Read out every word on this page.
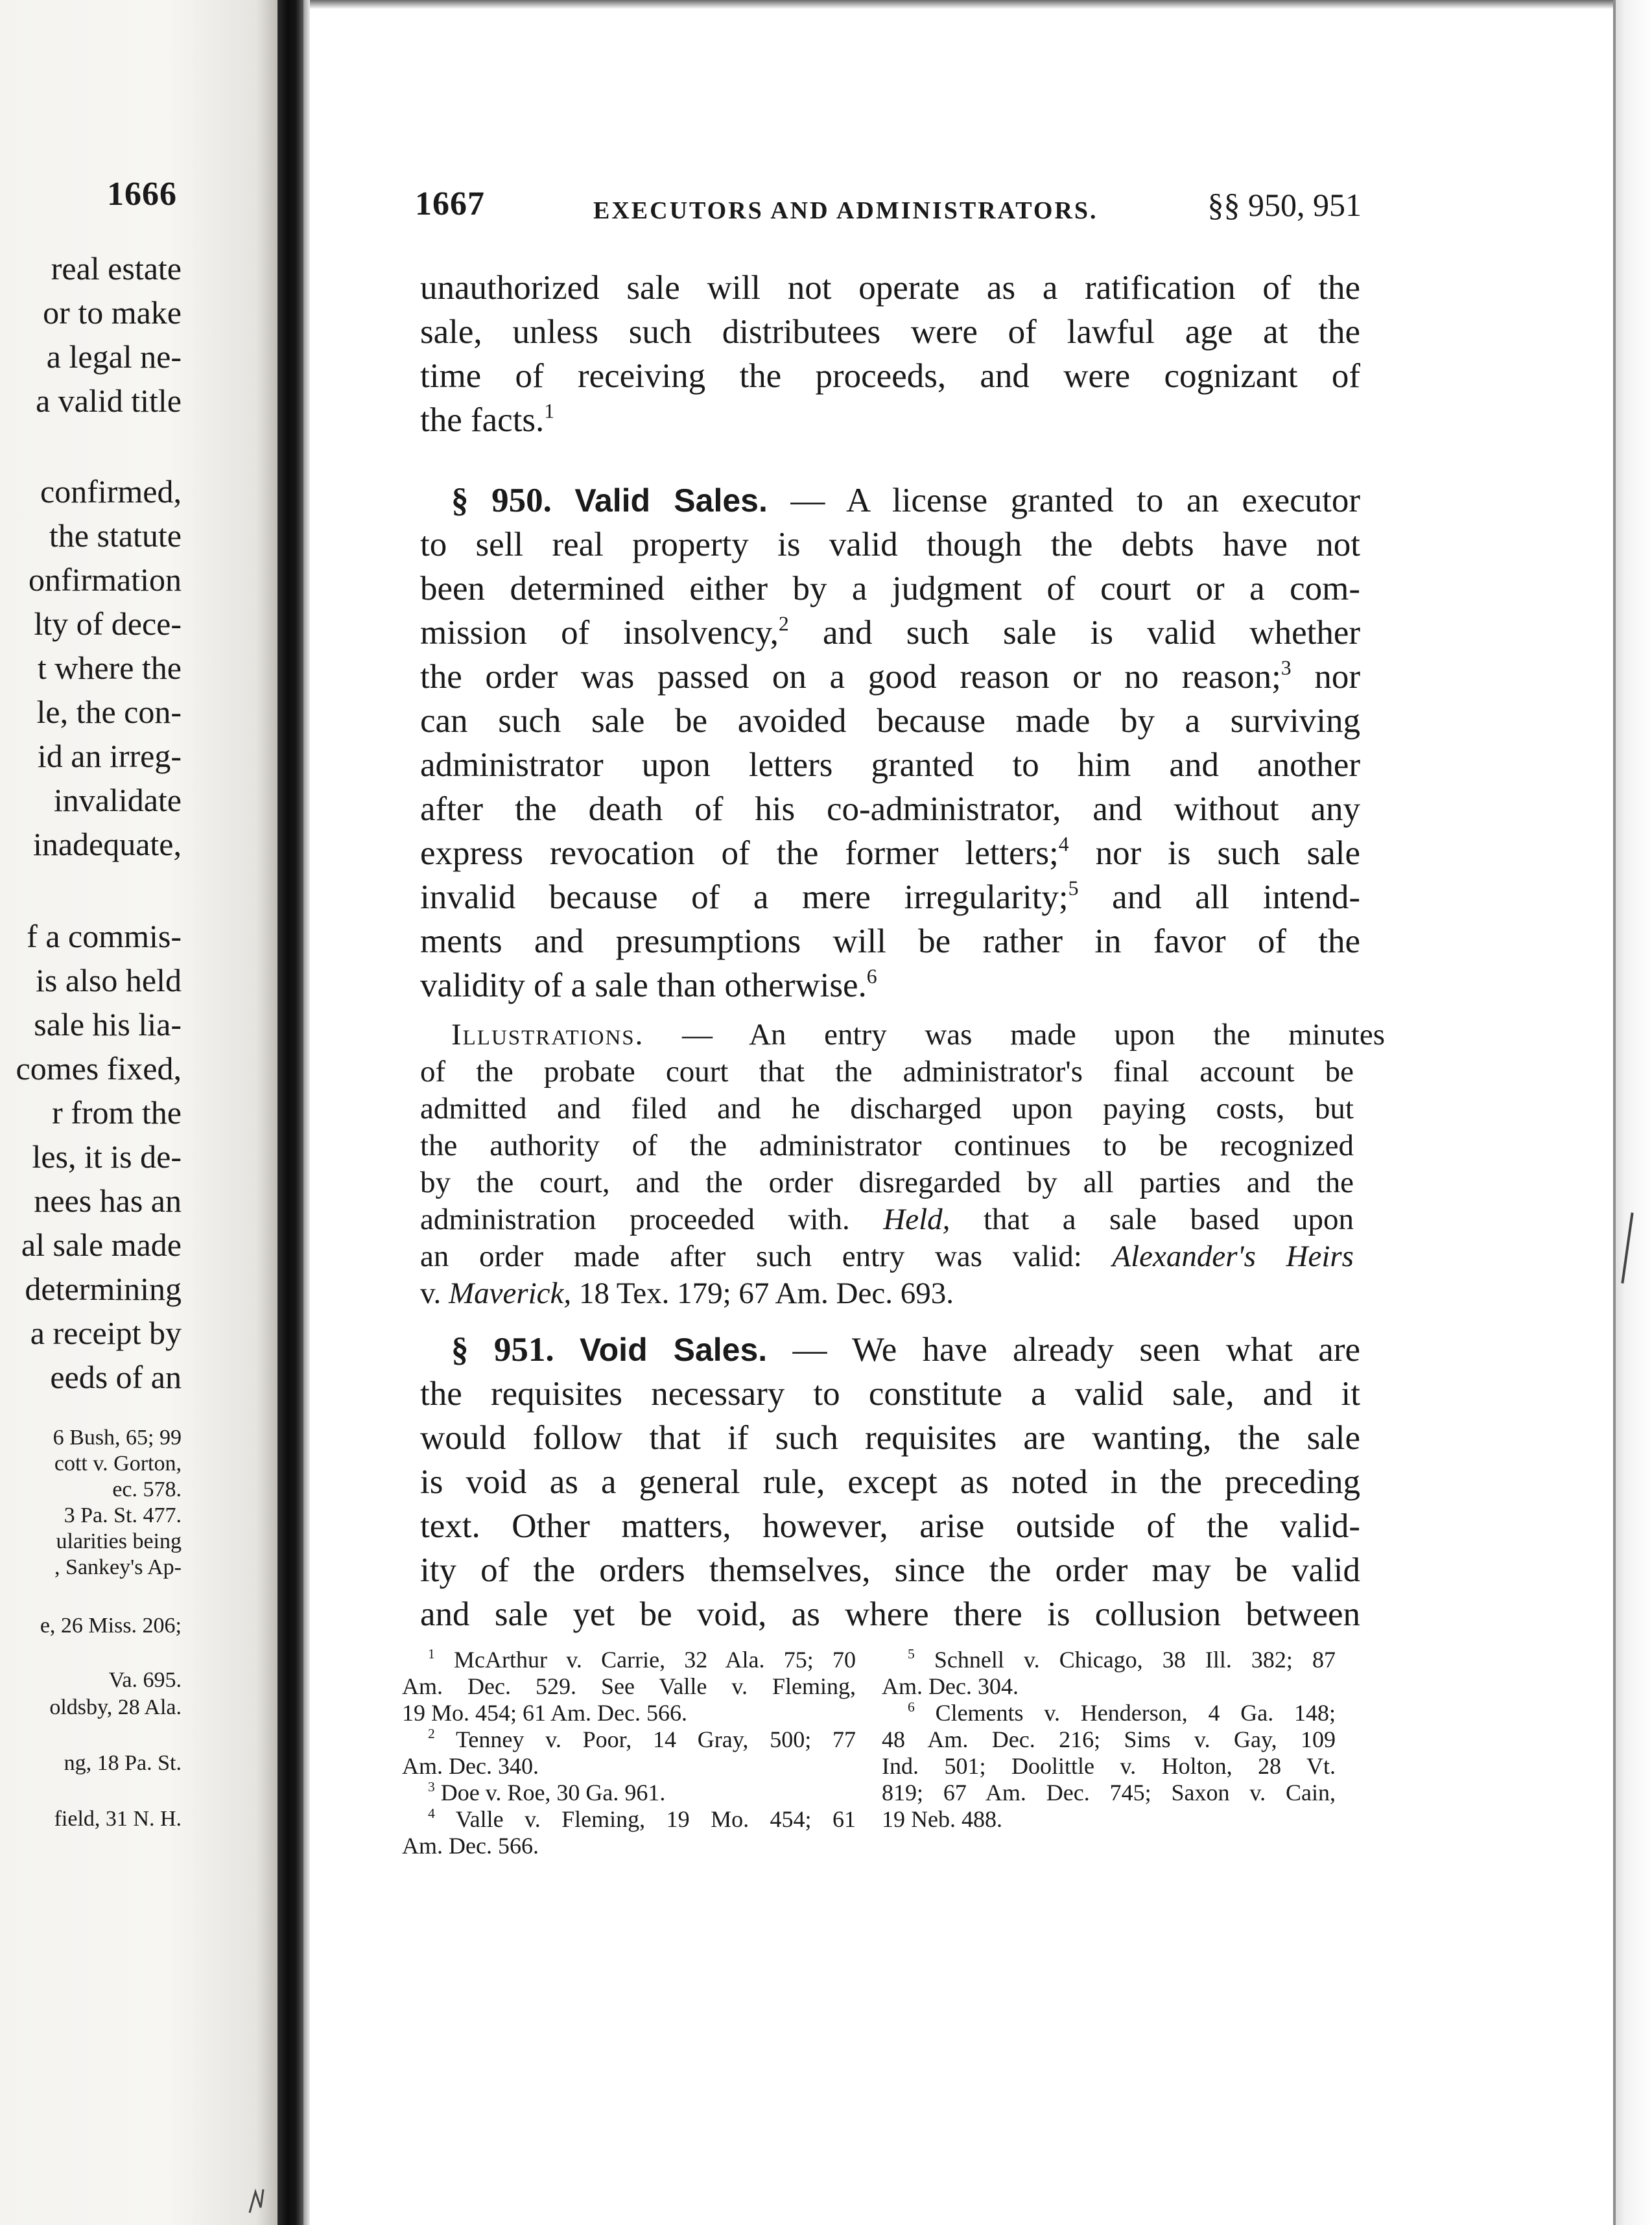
1666
real estate
or to make
a legal ne-
a valid title
confirmed,
the statute
onfirmation
lty of dece-
t where the
le, the con-
id an irreg-
invalidate
inadequate,
f a commis-
is also held
sale his lia-
comes fixed,
r from the
les, it is de-
nees has an
al sale made
determining
a receipt by
eeds of an
6 Bush, 65; 99
cott v. Gorton,
ec. 578.
3 Pa. St. 477.
ularities being
, Sankey's Ap-
e, 26 Miss. 206;
Va. 695.
oldsby, 28 Ala.
ng, 18 Pa. St.
field, 31 N. H.
1667	EXECUTORS AND ADMINISTRATORS.	§§ 950, 951
unauthorized sale will not operate as a ratification of the
sale, unless such distributees were of lawful age at the
time of receiving the proceeds, and were cognizant of
the facts.$^1$
§ 950. Valid Sales. — A license granted to an executor
to sell real property is valid though the debts have not
been determined either by a judgment of court or a com-
mission of insolvency,$^2$ and such sale is valid whether
the order was passed on a good reason or no reason;$^3$ nor
can such sale be avoided because made by a surviving
administrator upon letters granted to him and another
after the death of his co-administrator, and without any
express revocation of the former letters;$^4$ nor is such sale
invalid because of a mere irregularity;$^5$ and all intend-
ments and presumptions will be rather in favor of the
validity of a sale than otherwise.$^6$
Illustrations. — An entry was made upon the minutes
of the probate court that the administrator's final account be
admitted and filed and he discharged upon paying costs, but
the authority of the administrator continues to be recognized
by the court, and the order disregarded by all parties and the
administration proceeded with. Held, that a sale based upon
an order made after such entry was valid: Alexander's Heirs
v. Maverick, 18 Tex. 179; 67 Am. Dec. 693.
§ 951. Void Sales. — We have already seen what are
the requisites necessary to constitute a valid sale, and it
would follow that if such requisites are wanting, the sale
is void as a general rule, except as noted in the preceding
text. Other matters, however, arise outside of the valid-
ity of the orders themselves, since the order may be valid
and sale yet be void, as where there is collusion between
$^1$ McArthur v. Carrie, 32 Ala. 75; 70
Am. Dec. 529. See Valle v. Fleming,
19 Mo. 454; 61 Am. Dec. 566.
$^2$ Tenney v. Poor, 14 Gray, 500; 77
Am. Dec. 340.
$^3$ Doe v. Roe, 30 Ga. 961.
$^4$ Valle v. Fleming, 19 Mo. 454; 61
Am. Dec. 566.
$^5$ Schnell v. Chicago, 38 Ill. 382; 87
Am. Dec. 304.
$^6$ Clements v. Henderson, 4 Ga. 148;
48 Am. Dec. 216; Sims v. Gay, 109
Ind. 501; Doolittle v. Holton, 28 Vt.
819; 67 Am. Dec. 745; Saxon v. Cain,
19 Neb. 488.
